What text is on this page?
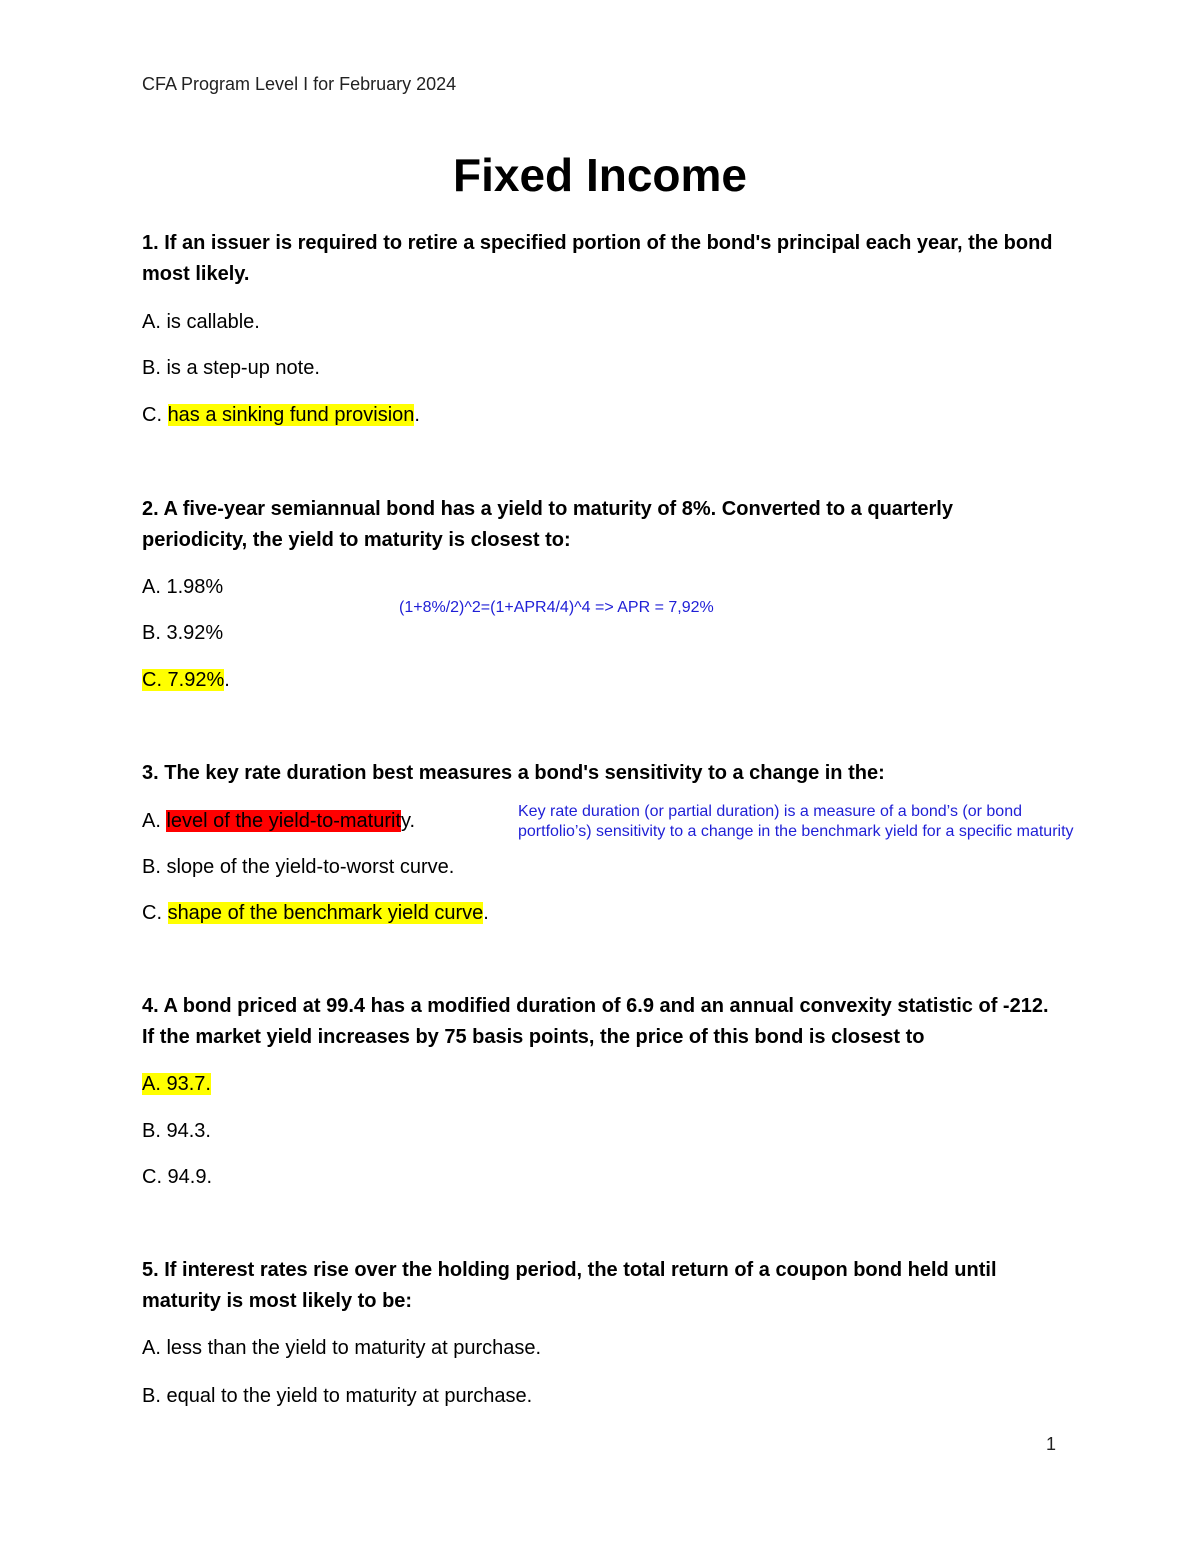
CFA Program Level I for February 2024
Fixed Income
1. If an issuer is required to retire a specified portion of the bond's principal each year, the bond most likely.
A. is callable.
B. is a step-up note.
C. has a sinking fund provision.
2. A five-year semiannual bond has a yield to maturity of 8%. Converted to a quarterly periodicity, the yield to maturity is closest to:
A. 1.98%
B. 3.92%
C. 7.92%.
(1+8%/2)^2=(1+APR4/4)^4 => APR = 7,92%
3. The key rate duration best measures a bond's sensitivity to a change in the:
A. level of the yield-to-maturity.
B. slope of the yield-to-worst curve.
C. shape of the benchmark yield curve.
Key rate duration (or partial duration) is a measure of a bond’s (or bond portfolio’s) sensitivity to a change in the benchmark yield for a specific maturity
4. A bond priced at 99.4 has a modified duration of 6.9 and an annual convexity statistic of -212. If the market yield increases by 75 basis points, the price of this bond is closest to
A. 93.7.
B. 94.3.
C. 94.9.
5. If interest rates rise over the holding period, the total return of a coupon bond held until maturity is most likely to be:
A. less than the yield to maturity at purchase.
B. equal to the yield to maturity at purchase.
1
